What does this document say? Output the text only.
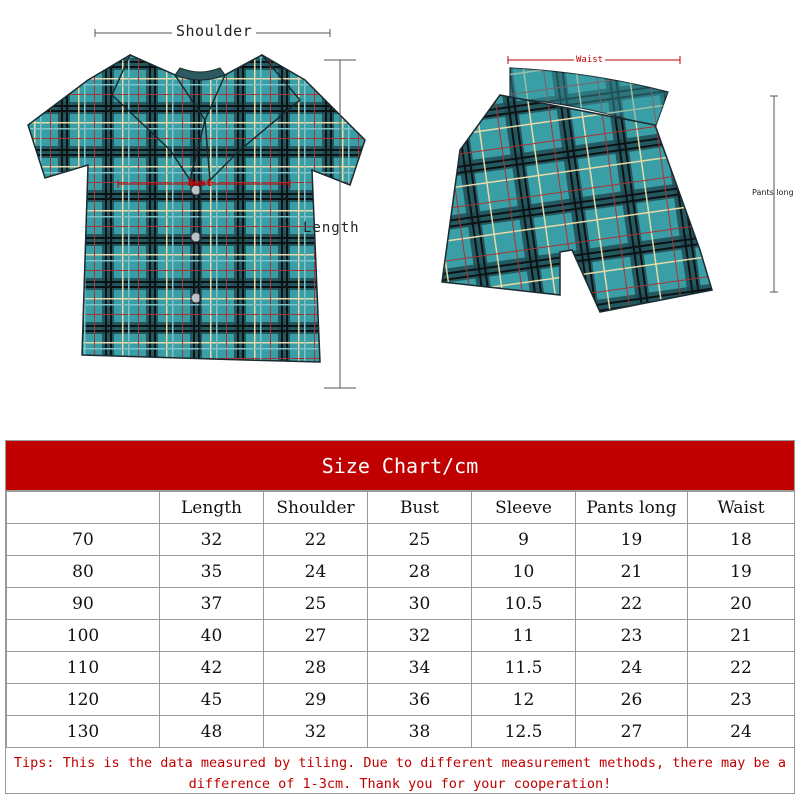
Shoulder
Length
Bust
Waist
Pants long
Size Chart/cm
	Length	Shoulder	Bust	Sleeve	Pants long	Waist
70	32	22	25	9	19	18
80	35	24	28	10	21	19
90	37	25	30	10.5	22	20
100	40	27	32	11	23	21
110	42	28	34	11.5	24	22
120	45	29	36	12	26	23
130	48	32	38	12.5	27	24
Tips: This is the data measured by tiling. Due to different measurement methods, there may be a difference of 1-3cm. Thank you for your cooperation!
